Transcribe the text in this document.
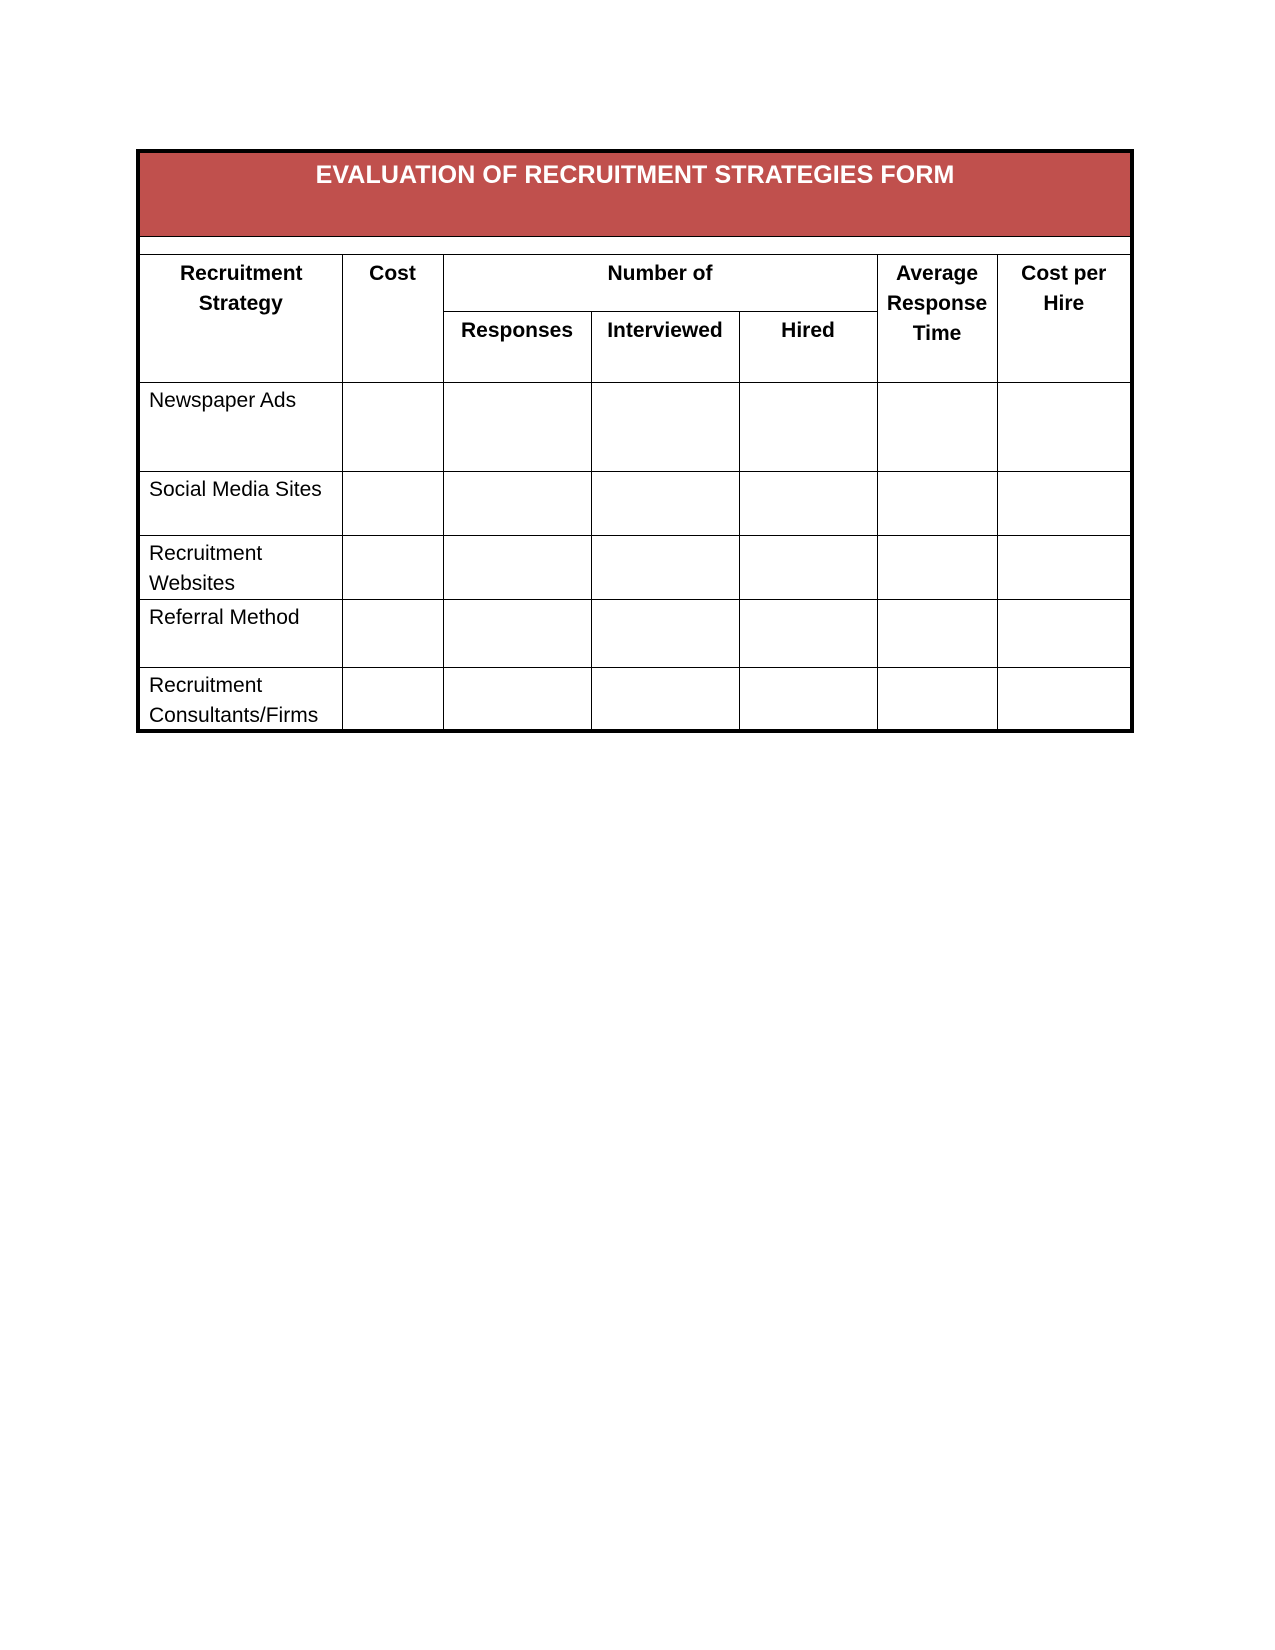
EVALUATION OF RECRUITMENT STRATEGIES FORM
Recruitment Strategy	Cost	Number of			Average Response Time	Cost per Hire
		Responses	Interviewed	Hired		
Newspaper Ads						
Social Media Sites						
Recruitment Websites						
Referral Method						
Recruitment Consultants/Firms						
